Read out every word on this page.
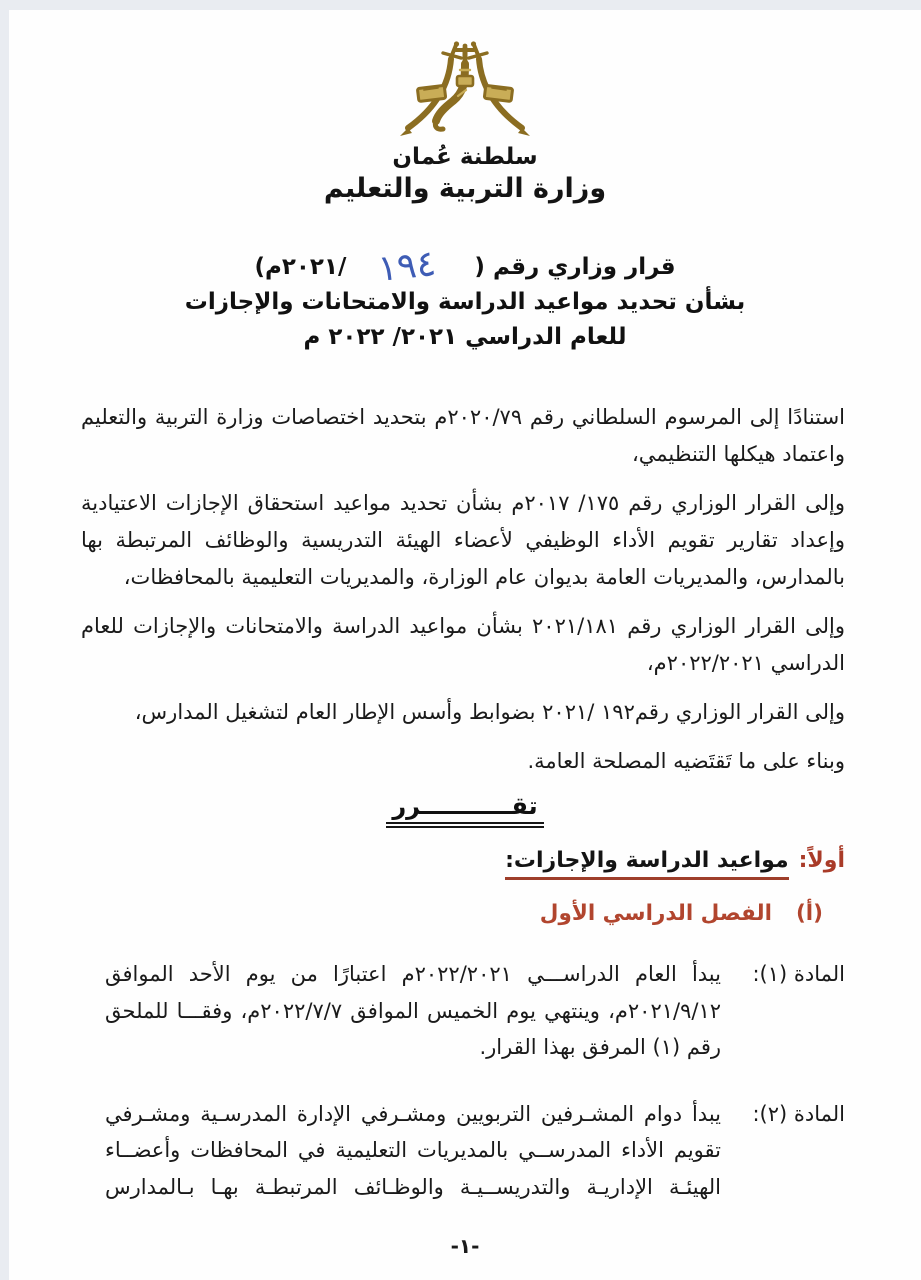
سلطنة عُمان
وزارة التربية والتعليم
قرار وزاري رقم ( ١٩٤ /٢٠٢١م)
بشأن تحديد مواعيد الدراسة والامتحانات والإجازات
للعام الدراسي ٢٠٢١/ ٢٠٢٢ م

استنادًا إلى المرسوم السلطاني رقم ٢٠٢٠/٧٩م بتحديد اختصاصات وزارة التربية والتعليم واعتماد هيكلها التنظيمي،

وإلى القرار الوزاري رقم ١٧٥/ ٢٠١٧م بشأن تحديد مواعيد استحقاق الإجازات الاعتيادية وإعداد تقارير تقويم الأداء الوظيفي لأعضاء الهيئة التدريسية والوظائف المرتبطة بها بالمدارس، والمديريات العامة بديوان عام الوزارة، والمديريات التعليمية بالمحافظات،

وإلى القرار الوزاري رقم ٢٠٢١/١٨١ بشأن مواعيد الدراسة والامتحانات والإجازات للعام الدراسي ٢٠٢٢/٢٠٢١م،

وإلى القرار الوزاري رقم١٩٢ /٢٠٢١ بضوابط وأسس الإطار العام لتشغيل المدارس،

وبناء على ما تَقتَضيه المصلحة العامة.

تقـــــــــــرر
أولاً:مواعيد الدراسة والإجازات:
(أ)الفصل الدراسي الأول
المادة (١):
يبدأ العام الدراســـي ٢٠٢٢/٢٠٢١م اعتبارًا من يوم الأحد الموافق ٢٠٢١/٩/١٢م، وينتهي يوم الخميس الموافق ٢٠٢٢/٧/٧م، وفقـــا للملحق رقم (١) المرفق بهذا القرار.
المادة (٢):
يبدأ دوام المشـرفين التربويين ومشـرفي الإدارة المدرسـية ومشـرفي تقويم الأداء المدرســي بالمديريات التعليمية في المحافظات وأعضــاء الهيئـة الإداريـة والتدريســيـة والوظـائف المرتبطـة بهـا بـالمدارس
-١-
